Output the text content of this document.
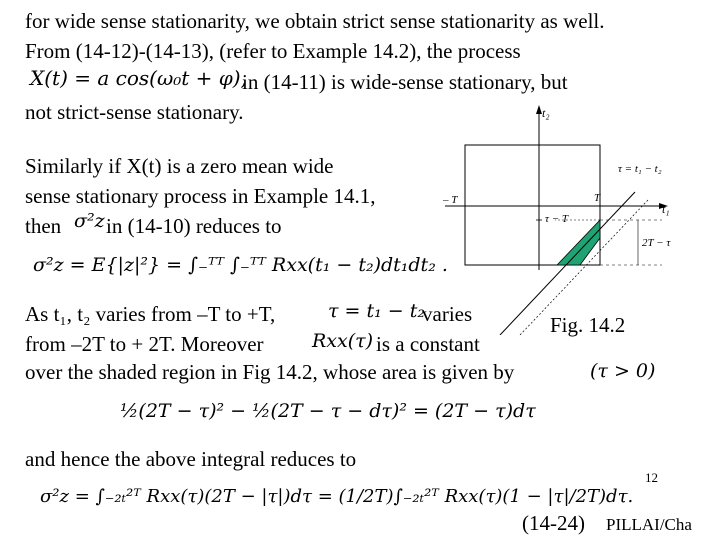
for wide sense stationarity, we obtain strict sense stationarity as well.
From (14-12)-(14-13), (refer to Example 14.2), the process
X(t) = a cos(ω₀t + φ),
in (14-11) is wide-sense stationary, but
not strict-sense stationary.
Similarly if X(t) is a zero mean wide
sense stationary process in Example 14.1,
then σ²z in (14-10) reduces to
σ²z = E{|z|²} = ∫₋ᵀᵀ ∫₋ᵀᵀ Rxx(t₁ − t₂)dt₁dt₂ .
As t₁, t₂ varies from –T to +T,	τ = t₁ − t₂
varies
from –2T to + 2T. Moreover	Rxx(τ) is a constant
over the shaded region in Fig 14.2, whose area is given by	(τ > 0)
½(2T − τ)² − ½(2T − τ − dτ)² = (2T − τ)dτ
and hence the above integral reduces to
σ²z = ∫₋₂ₜ²ᵀ Rxx(τ)(2T − |τ|)dτ = (1/2T)∫₋₂ₜ²ᵀ Rxx(τ)(1 − |τ|/2T)dτ.
t₂
t₁
τ = t₁ − t₂
– T	T
τ − T
2T − τ
Fig. 14.2
12
(14-24) PILLAI/Cha
